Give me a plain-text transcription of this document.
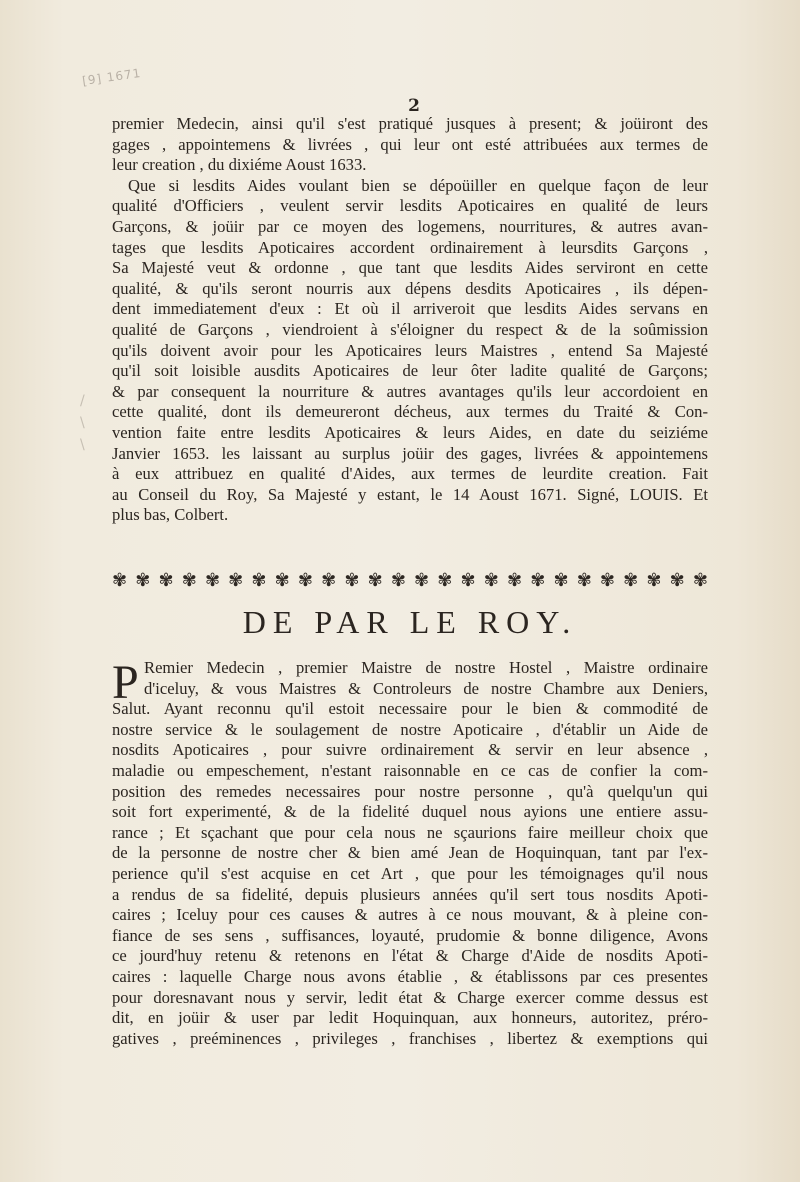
[9] 1671
2
premier Medecin, ainsi qu'il s'est pratiqué jusques à present; & joüiront des
gages , appointemens & livrées , qui leur ont esté attribuées aux termes de
leur creation , du dixiéme Aoust 1633.
Que si lesdits Aides voulant bien se dépoüiller en quelque façon de leur
qualité d'Officiers , veulent servir lesdits Apoticaires en qualité de leurs
Garçons, & joüir par ce moyen des logemens, nourritures, & autres avan-
tages que lesdits Apoticaires accordent ordinairement à leursdits Garçons ,
Sa Majesté veut & ordonne , que tant que lesdits Aides serviront en cette
qualité, & qu'ils seront nourris aux dépens desdits Apoticaires , ils dépen-
dent immediatement d'eux : Et où il arriveroit que lesdits Aides servans en
qualité de Garçons , viendroient à s'éloigner du respect & de la soûmission
qu'ils doivent avoir pour les Apoticaires leurs Maistres , entend Sa Majesté
qu'il soit loisible ausdits Apoticaires de leur ôter ladite qualité de Garçons;
& par consequent la nourriture & autres avantages qu'ils leur accordoient en
cette qualité, dont ils demeureront décheus, aux termes du Traité & Con-
vention faite entre lesdits Apoticaires & leurs Aides, en date du seiziéme
Janvier 1653. les laissant au surplus joüir des gages, livrées & appointemens
à eux attribuez en qualité d'Aides, aux termes de leurdite creation. Fait
au Conseil du Roy, Sa Majesté y estant, le 14 Aoust 1671. Signé, LOUIS. Et
plus bas, Colbert.
/
\
\
✾ ✾ ✾ ✾ ✾ ✾ ✾ ✾ ✾ ✾ ✾ ✾ ✾ ✾ ✾ ✾ ✾ ✾ ✾ ✾ ✾ ✾ ✾ ✾ ✾ ✾
DE PAR LE ROY.
P Remier Medecin , premier Maistre de nostre Hostel , Maistre ordinaire
d'iceluy, & vous Maistres & Controleurs de nostre Chambre aux Deniers,
Salut. Ayant reconnu qu'il estoit necessaire pour le bien & commodité de
nostre service & le soulagement de nostre Apoticaire , d'établir un Aide de
nosdits Apoticaires , pour suivre ordinairement & servir en leur absence ,
maladie ou empeschement, n'estant raisonnable en ce cas de confier la com-
position des remedes necessaires pour nostre personne , qu'à quelqu'un qui
soit fort experimenté, & de la fidelité duquel nous ayions une entiere assu-
rance ; Et sçachant que pour cela nous ne sçaurions faire meilleur choix que
de la personne de nostre cher & bien amé Jean de Hoquinquan, tant par l'ex-
perience qu'il s'est acquise en cet Art , que pour les témoignages qu'il nous
a rendus de sa fidelité, depuis plusieurs années qu'il sert tous nosdits Apoti-
caires ; Iceluy pour ces causes & autres à ce nous mouvant, & à pleine con-
fiance de ses sens , suffisances, loyauté, prudomie & bonne diligence, Avons
ce jourd'huy retenu & retenons en l'état & Charge d'Aide de nosdits Apoti-
caires : laquelle Charge nous avons établie , & établissons par ces presentes
pour doresnavant nous y servir, ledit état & Charge exercer comme dessus est
dit, en joüir & user par ledit Hoquinquan, aux honneurs, autoritez, préro-
gatives , preéminences , privileges , franchises , libertez & exemptions qui
